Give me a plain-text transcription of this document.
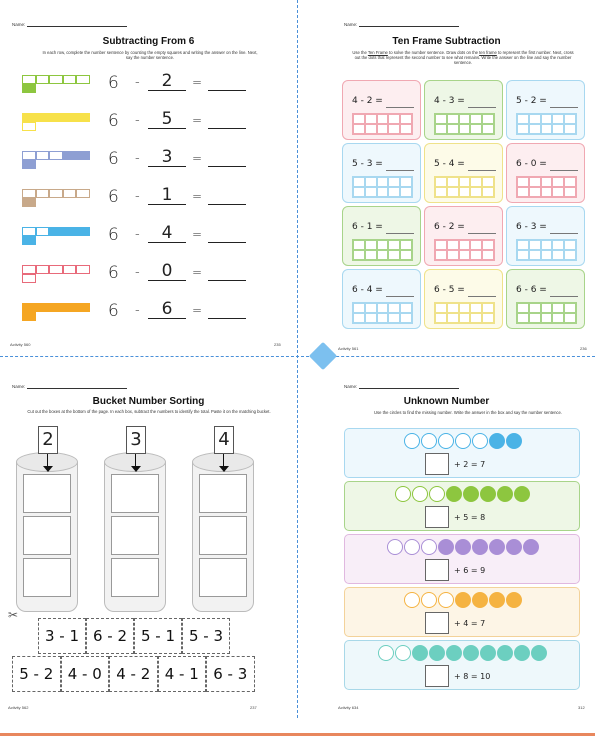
Name:
Subtracting From 6
In each row, complete the number sentence by counting the empty squares and writing the answer on the line. Next, say the number sentence.
6 -	2	=
6 -	5	=
6 -	3	=
6 -	1	=
6 -	4	=
6 -	0	=
6 -	6	=
Activity 560	235
Name:
Ten Frame Subtraction
Use the Ten Frame to solve the number sentence. Draw dots on the ten frame to represent the first number. Next, cross out the dots that represent the second number to see what remains. Write the answer on the line and say the number sentence.
4 - 2 =	4 - 3 =	5 - 2 =
5 - 3 =	5 - 4 =	6 - 0 =
6 - 1 =	6 - 2 =	6 - 3 =
6 - 4 =	6 - 5 =	6 - 6 =
Activity 561	236
Name:
Bucket Number Sorting
Cut out the boxes at the bottom of the page. In each box, subtract the numbers to identify the total. Paste it on the matching bucket.
2	3	4
✂
3 - 1 6 - 2 5 - 1 5 - 3
5 - 2 4 - 0 4 - 2 4 - 1 6 - 3
Activity 562	237
Name:
Unknown Number
Use the circles to find the missing number. Write the answer in the box and say the number sentence.
+ 2 = 7
+ 5 = 8
+ 6 = 9
+ 4 = 7
+ 8 = 10
Activity 634	312
